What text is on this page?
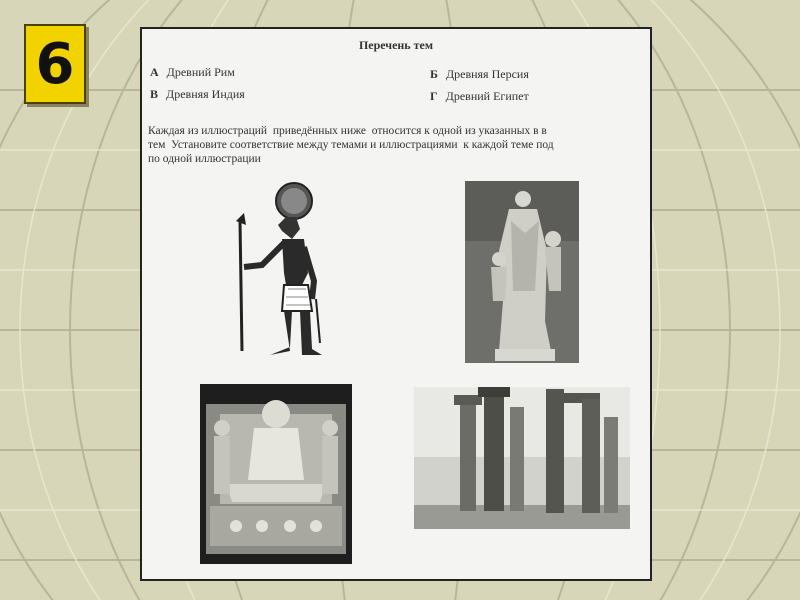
6	Перечень тем
А Древний Рим	Б Древняя Персия
В Древняя Индия	Г Древний Египет
Каждая из иллюстраций  приведённых ниже  относится к одной из указанных в в
тем  Установите соответствие между темами и иллюстрациями  к каждой теме под
по одной иллюстрации
